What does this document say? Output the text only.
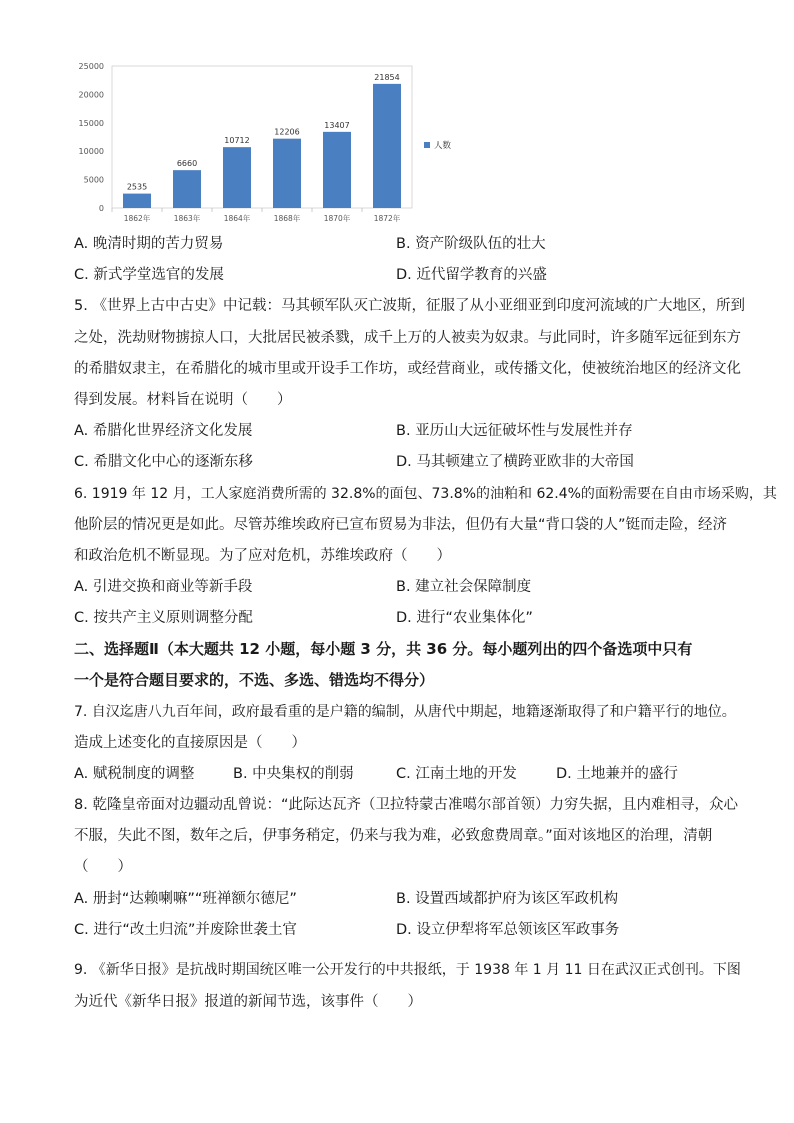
0
5000
10000
15000
20000
25000
2535
6660
10712
12206
13407
21854
1862年	1863年	1864年	1868年	1870年	1872年
人数
A. 晚清时期的苦力贸易	B. 资产阶级队伍的壮大
C. 新式学堂选官的发展	D. 近代留学教育的兴盛
5. 《世界上古中古史》中记载：马其顿军队灭亡波斯，征服了从小亚细亚到印度河流域的广大地区，所到
之处，洗劫财物掳掠人口，大批居民被杀戮，成千上万的人被卖为奴隶。与此同时，许多随军远征到东方
的希腊奴隶主，在希腊化的城市里或开设手工作坊，或经营商业，或传播文化，使被统治地区的经济文化
得到发展。材料旨在说明（　　）
A. 希腊化世界经济文化发展	B. 亚历山大远征破坏性与发展性并存
C. 希腊文化中心的逐渐东移	D. 马其顿建立了横跨亚欧非的大帝国
6. 1919 年 12 月，工人家庭消费所需的 32.8%的面包、73.8%的油粕和 62.4%的面粉需要在自由市场采购，其
他阶层的情况更是如此。尽管苏维埃政府已宣布贸易为非法，但仍有大量“背口袋的人”铤而走险，经济
和政治危机不断显现。为了应对危机，苏维埃政府（　　）
A. 引进交换和商业等新手段	B. 建立社会保障制度
C. 按共产主义原则调整分配	D. 进行“农业集体化”
二、选择题Ⅱ（本大题共 12 小题，每小题 3 分，共 36 分。每小题列出的四个备选项中只有
一个是符合题目要求的，不选、多选、错选均不得分）
7. 自汉迄唐八九百年间，政府最看重的是户籍的编制，从唐代中期起，地籍逐渐取得了和户籍平行的地位。
造成上述变化的直接原因是（　　）
A. 赋税制度的调整	B. 中央集权的削弱	C. 江南土地的开发	D. 土地兼并的盛行
8. 乾隆皇帝面对边疆动乱曾说：“此际达瓦齐（卫拉特蒙古准噶尔部首领）力穷失据，且内难相寻，众心
不服，失此不图，数年之后，伊事务稍定，仍来与我为难，必致愈费周章。”面对该地区的治理，清朝
（　　）
A. 册封“达赖喇嘛”“班禅额尔德尼”	B. 设置西域都护府为该区军政机构
C. 进行“改土归流”并废除世袭土官	D. 设立伊犁将军总领该区军政事务
9. 《新华日报》是抗战时期国统区唯一公开发行的中共报纸，于 1938 年 1 月 11 日在武汉正式创刊。下图
为近代《新华日报》报道的新闻节选，该事件（　　）
